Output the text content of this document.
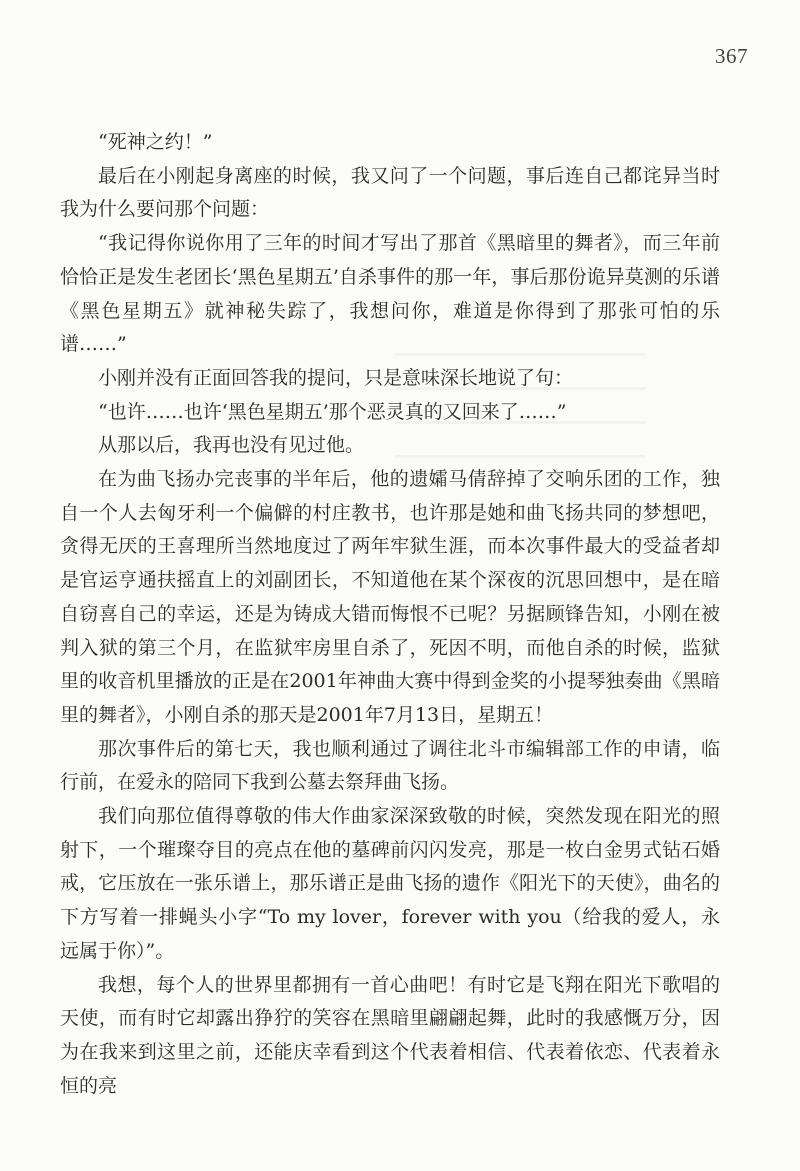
367

“死神之约！”

最后在小刚起身离座的时候，我又问了一个问题，事后连自己都诧异当时我为什么要问那个问题：

“我记得你说你用了三年的时间才写出了那首《黑暗里的舞者》，而三年前恰恰正是发生老团长‘黑色星期五’自杀事件的那一年，事后那份诡异莫测的乐谱《黑色星期五》就神秘失踪了，我想问你，难道是你得到了那张可怕的乐谱……”

小刚并没有正面回答我的提问，只是意味深长地说了句：

“也许……也许‘黑色星期五’那个恶灵真的又回来了……”

从那以后，我再也没有见过他。

在为曲飞扬办完丧事的半年后，他的遗孀马倩辞掉了交响乐团的工作，独自一个人去匈牙利一个偏僻的村庄教书，也许那是她和曲飞扬共同的梦想吧，贪得无厌的王喜理所当然地度过了两年牢狱生涯，而本次事件最大的受益者却是官运亨通扶摇直上的刘副团长，不知道他在某个深夜的沉思回想中，是在暗自窃喜自己的幸运，还是为铸成大错而悔恨不已呢？另据顾锋告知，小刚在被判入狱的第三个月，在监狱牢房里自杀了，死因不明，而他自杀的时候，监狱里的收音机里播放的正是在2001年神曲大赛中得到金奖的小提琴独奏曲《黑暗里的舞者》，小刚自杀的那天是2001年7月13日，星期五！

那次事件后的第七天，我也顺利通过了调往北斗市编辑部工作的申请，临行前，在爱永的陪同下我到公墓去祭拜曲飞扬。

我们向那位值得尊敬的伟大作曲家深深致敬的时候，突然发现在阳光的照射下，一个璀璨夺目的亮点在他的墓碑前闪闪发亮，那是一枚白金男式钻石婚戒，它压放在一张乐谱上，那乐谱正是曲飞扬的遗作《阳光下的天使》，曲名的下方写着一排蝇头小字“To my lover，forever with you（给我的爱人，永远属于你）”。

我想，每个人的世界里都拥有一首心曲吧！有时它是飞翔在阳光下歌唱的天使，而有时它却露出狰狞的笑容在黑暗里翩翩起舞，此时的我感慨万分，因为在我来到这里之前，还能庆幸看到这个代表着相信、代表着依恋、代表着永恒的亮
